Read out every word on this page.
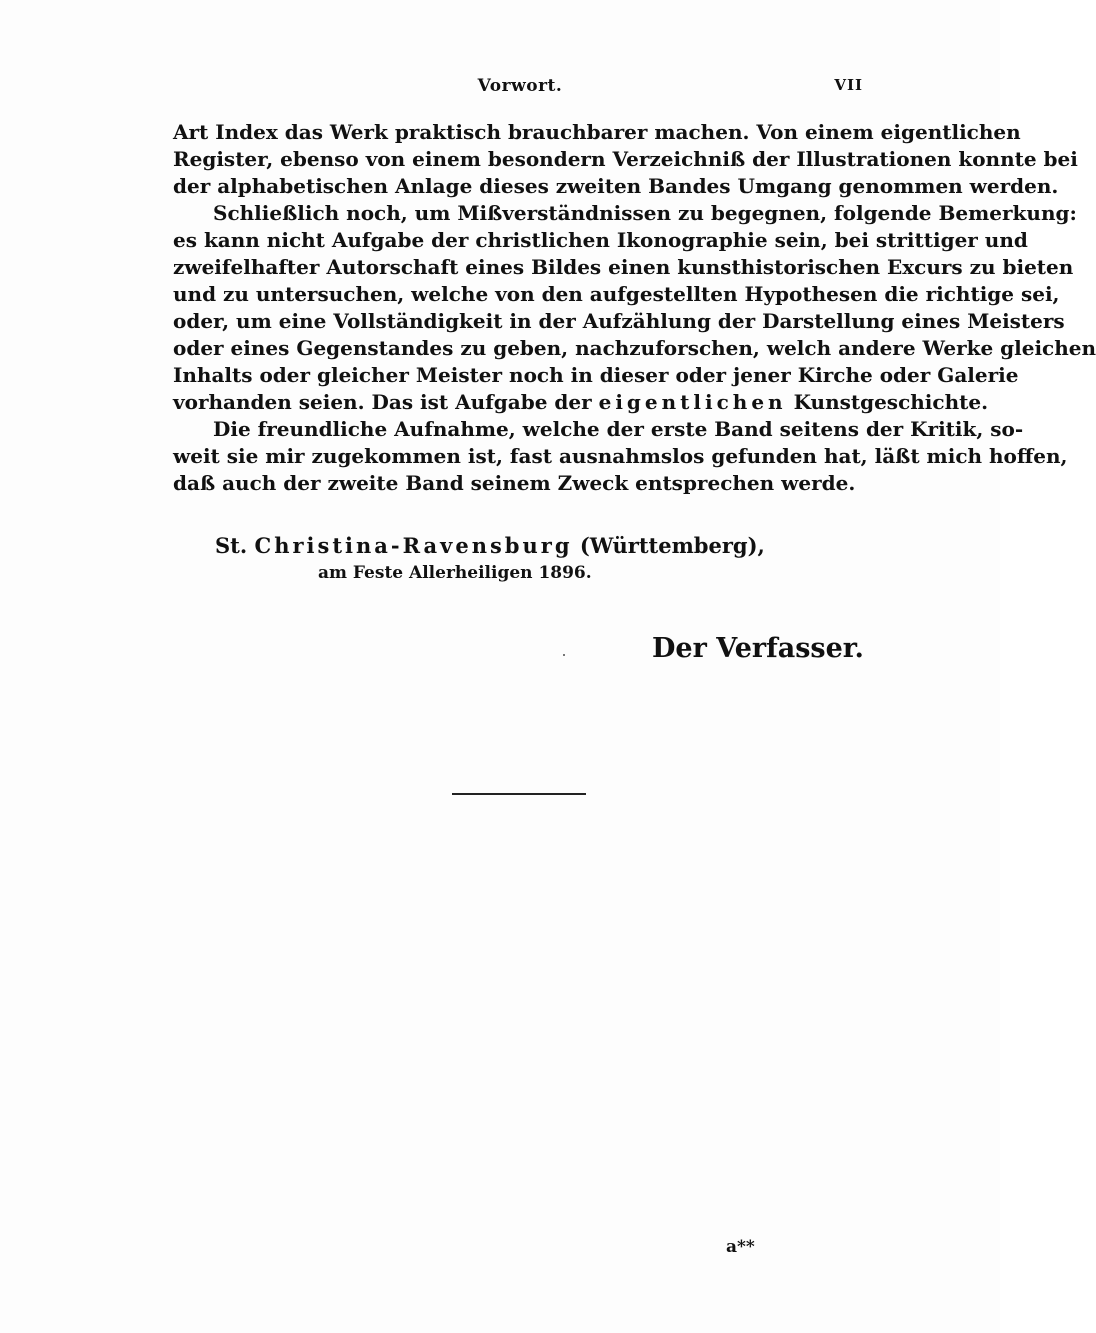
Vorwort.	VII
Art Index das Werk praktisch brauchbarer machen. Von einem eigentlichen
Register, ebenso von einem besondern Verzeichniß der Illustrationen konnte bei
der alphabetischen Anlage dieses zweiten Bandes Umgang genommen werden.
Schließlich noch, um Mißverständnissen zu begegnen, folgende Bemerkung:
es kann nicht Aufgabe der christlichen Ikonographie sein, bei strittiger und
zweifelhafter Autorschaft eines Bildes einen kunsthistorischen Excurs zu bieten
und zu untersuchen, welche von den aufgestellten Hypothesen die richtige sei,
oder, um eine Vollständigkeit in der Aufzählung der Darstellung eines Meisters
oder eines Gegenstandes zu geben, nachzuforschen, welch andere Werke gleichen
Inhalts oder gleicher Meister noch in dieser oder jener Kirche oder Galerie
vorhanden seien. Das ist Aufgabe der eigentlichen Kunstgeschichte.
Die freundliche Aufnahme, welche der erste Band seitens der Kritik, so-
weit sie mir zugekommen ist, fast ausnahmslos gefunden hat, läßt mich hoffen,
daß auch der zweite Band seinem Zweck entsprechen werde.
St. Christina-Ravensburg (Württemberg),
am Feste Allerheiligen 1896.
Der Verfasser.
a**
